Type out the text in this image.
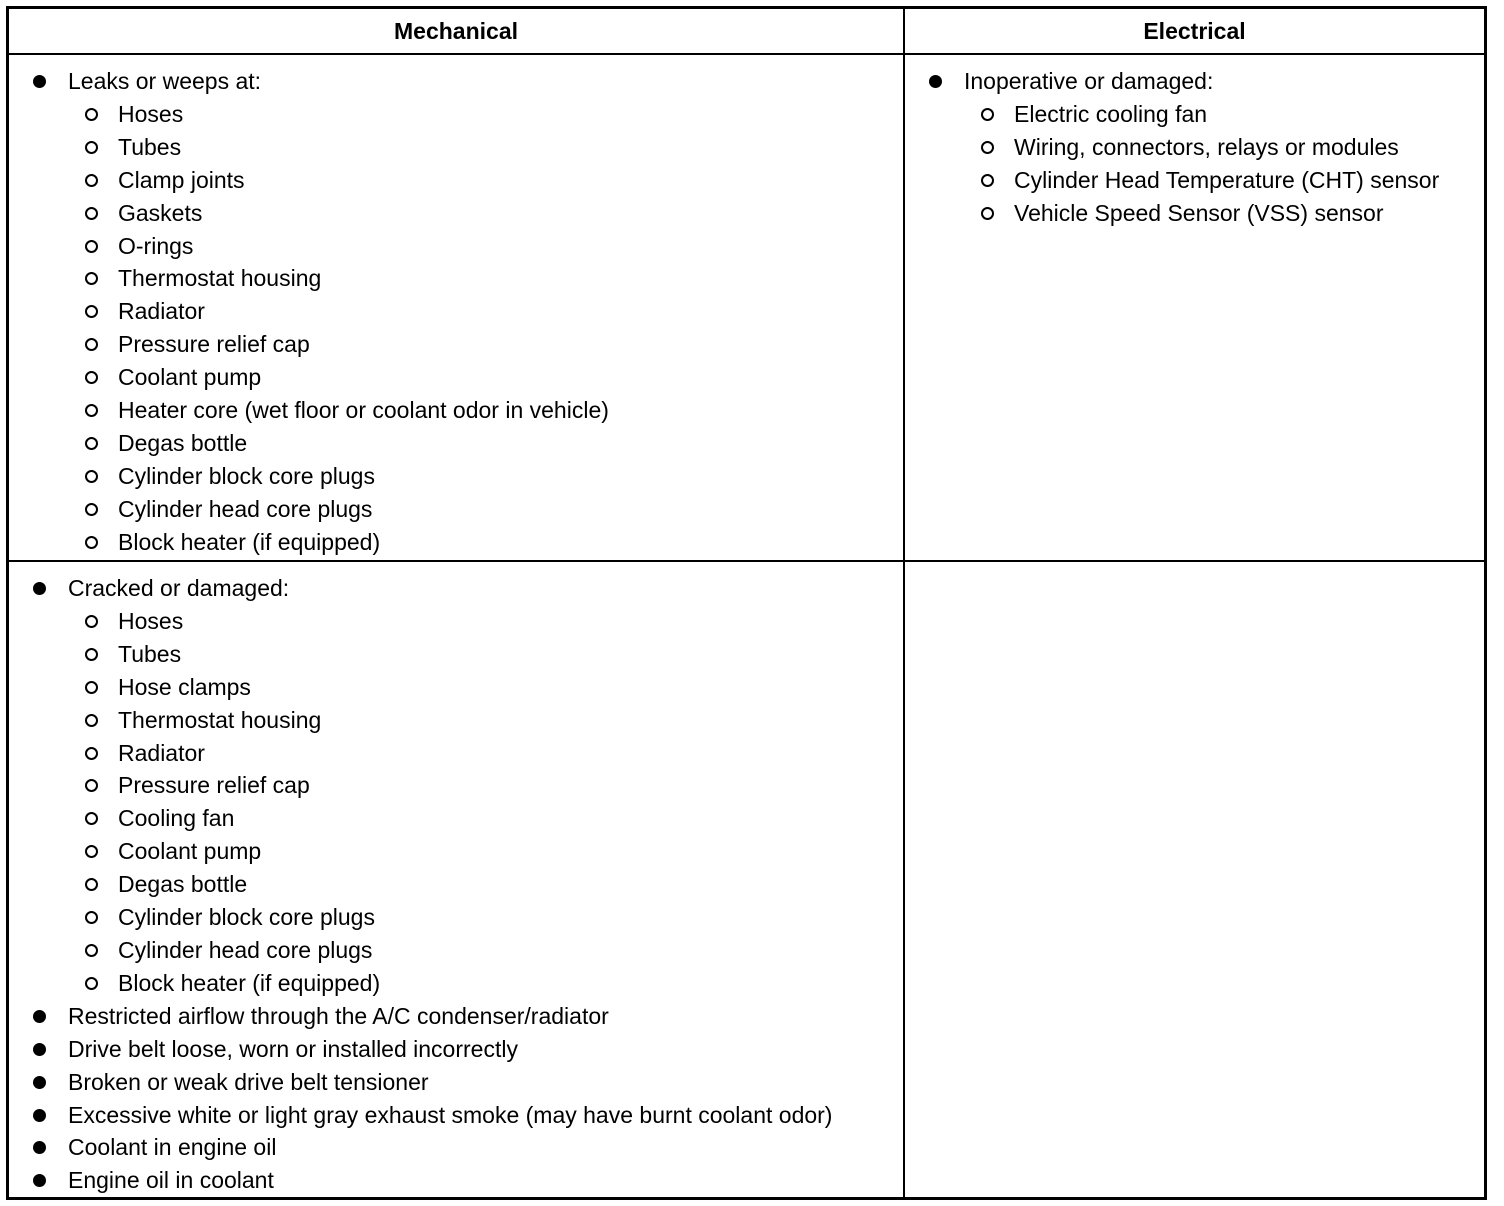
Mechanical	Electrical
Leaks or weeps at:
Hoses
Tubes
Clamp joints
Gaskets
O-rings
Thermostat housing
Radiator
Pressure relief cap
Coolant pump
Heater core (wet floor or coolant odor in vehicle)
Degas bottle
Cylinder block core plugs
Cylinder head core plugs
Block heater (if equipped)
Inoperative or damaged:
Electric cooling fan
Wiring, connectors, relays or modules
Cylinder Head Temperature (CHT) sensor
Vehicle Speed Sensor (VSS) sensor
Cracked or damaged:
Hoses
Tubes
Hose clamps
Thermostat housing
Radiator
Pressure relief cap
Cooling fan
Coolant pump
Degas bottle
Cylinder block core plugs
Cylinder head core plugs
Block heater (if equipped)
Restricted airflow through the A/C condenser/radiator
Drive belt loose, worn or installed incorrectly
Broken or weak drive belt tensioner
Excessive white or light gray exhaust smoke (may have burnt coolant odor)
Coolant in engine oil
Engine oil in coolant
